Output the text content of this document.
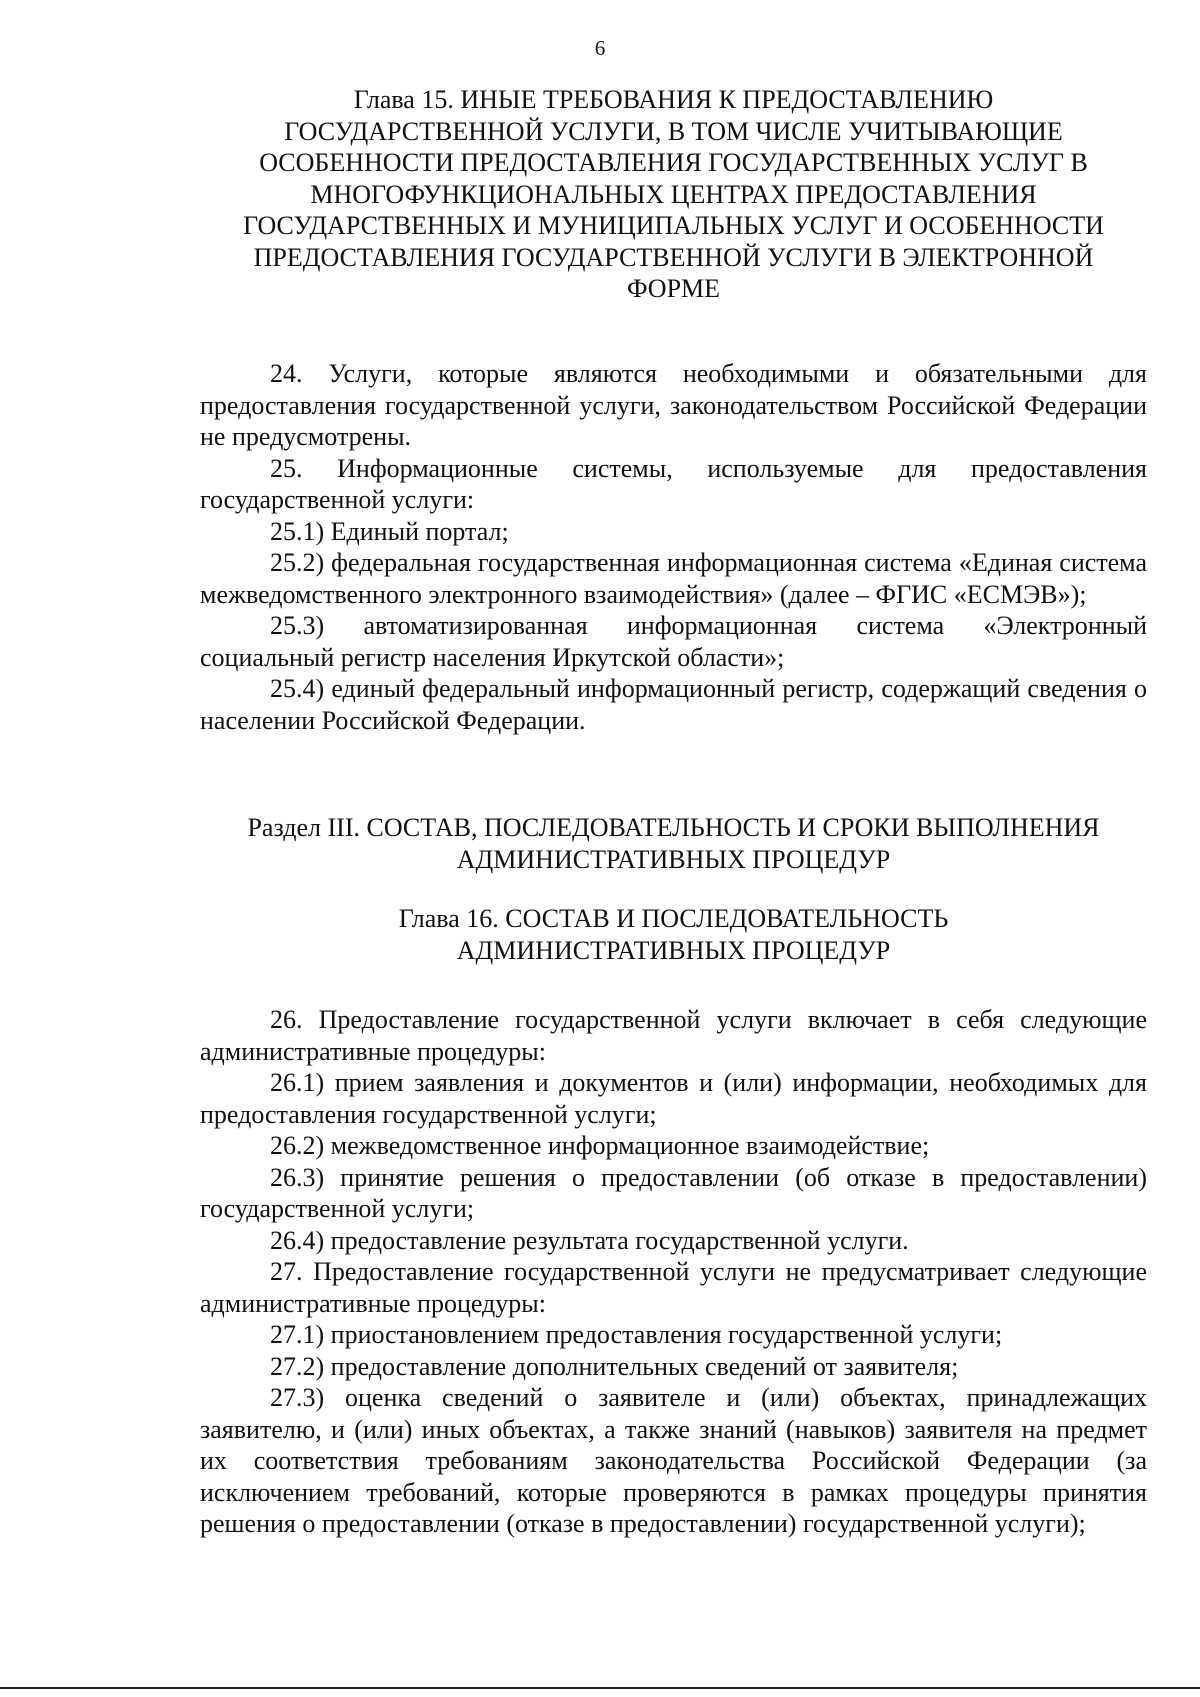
6
Глава 15. ИНЫЕ ТРЕБОВАНИЯ К ПРЕДОСТАВЛЕНИЮ
ГОСУДАРСТВЕННОЙ УСЛУГИ, В ТОМ ЧИСЛЕ УЧИТЫВАЮЩИЕ
ОСОБЕННОСТИ ПРЕДОСТАВЛЕНИЯ ГОСУДАРСТВЕННЫХ УСЛУГ В
МНОГОФУНКЦИОНАЛЬНЫХ ЦЕНТРАХ ПРЕДОСТАВЛЕНИЯ
ГОСУДАРСТВЕННЫХ И МУНИЦИПАЛЬНЫХ УСЛУГ И ОСОБЕННОСТИ
ПРЕДОСТАВЛЕНИЯ ГОСУДАРСТВЕННОЙ УСЛУГИ В ЭЛЕКТРОННОЙ
ФОРМЕ

24. Услуги, которые являются необходимыми и обязательными для предоставления государственной услуги, законодательством Российской Федерации не предусмотрены.

25. Информационные системы, используемые для предоставления государственной услуги:

25.1) Единый портал;

25.2) федеральная государственная информационная система «Единая система межведомственного электронного взаимодействия» (далее – ФГИС «ЕСМЭВ»);

25.3) автоматизированная информационная система «Электронный социальный регистр населения Иркутской области»;

25.4) единый федеральный информационный регистр, содержащий сведения о населении Российской Федерации.

Раздел III. СОСТАВ, ПОСЛЕДОВАТЕЛЬНОСТЬ И СРОКИ ВЫПОЛНЕНИЯ
АДМИНИСТРАТИВНЫХ ПРОЦЕДУР
Глава 16. СОСТАВ И ПОСЛЕДОВАТЕЛЬНОСТЬ
АДМИНИСТРАТИВНЫХ ПРОЦЕДУР

26. Предоставление государственной услуги включает в себя следующие административные процедуры:

26.1) прием заявления и документов и (или) информации, необходимых для предоставления государственной услуги;

26.2) межведомственное информационное взаимодействие;

26.3) принятие решения о предоставлении (об отказе в предоставлении) государственной услуги;

26.4) предоставление результата государственной услуги.

27. Предоставление государственной услуги не предусматривает следующие административные процедуры:

27.1) приостановлением предоставления государственной услуги;

27.2) предоставление дополнительных сведений от заявителя;

27.3) оценка сведений о заявителе и (или) объектах, принадлежащих заявителю, и (или) иных объектах, а также знаний (навыков) заявителя на предмет их соответствия требованиям законодательства Российской Федерации (за исключением требований, которые проверяются в рамках процедуры принятия решения о предоставлении (отказе в предоставлении) государственной услуги);
